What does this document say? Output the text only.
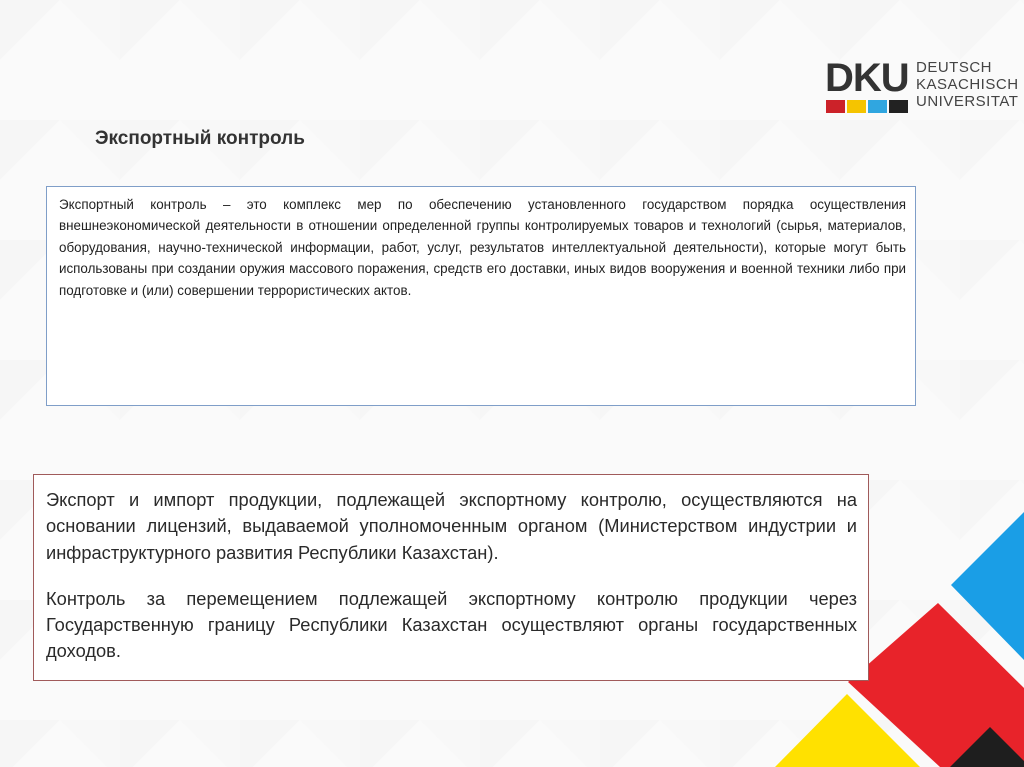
DKU DEUTSCH
KASACHISCH
UNIVERSITAT
Экспортный контроль
Экспортный контроль – это комплекс мер по обеспечению установленного государством порядка осуществления внешнеэкономической деятельности в отношении определенной группы контролируемых товаров и технологий (сырья, материалов, оборудования, научно-технической информации, работ, услуг, результатов интеллектуальной деятельности), которые могут быть использованы при создании оружия массового поражения, средств его доставки, иных видов вооружения и военной техники либо при подготовке и (или) совершении террористических актов.

Экспорт и импорт продукции, подлежащей экспортному контролю, осуществляются на основании лицензий, выдаваемой уполномоченным органом (Министерством индустрии и инфраструктурного развития Республики Казахстан).

Контроль за перемещением подлежащей экспортному контролю продукции через Государственную границу Республики Казахстан осуществляют органы государственных доходов.
